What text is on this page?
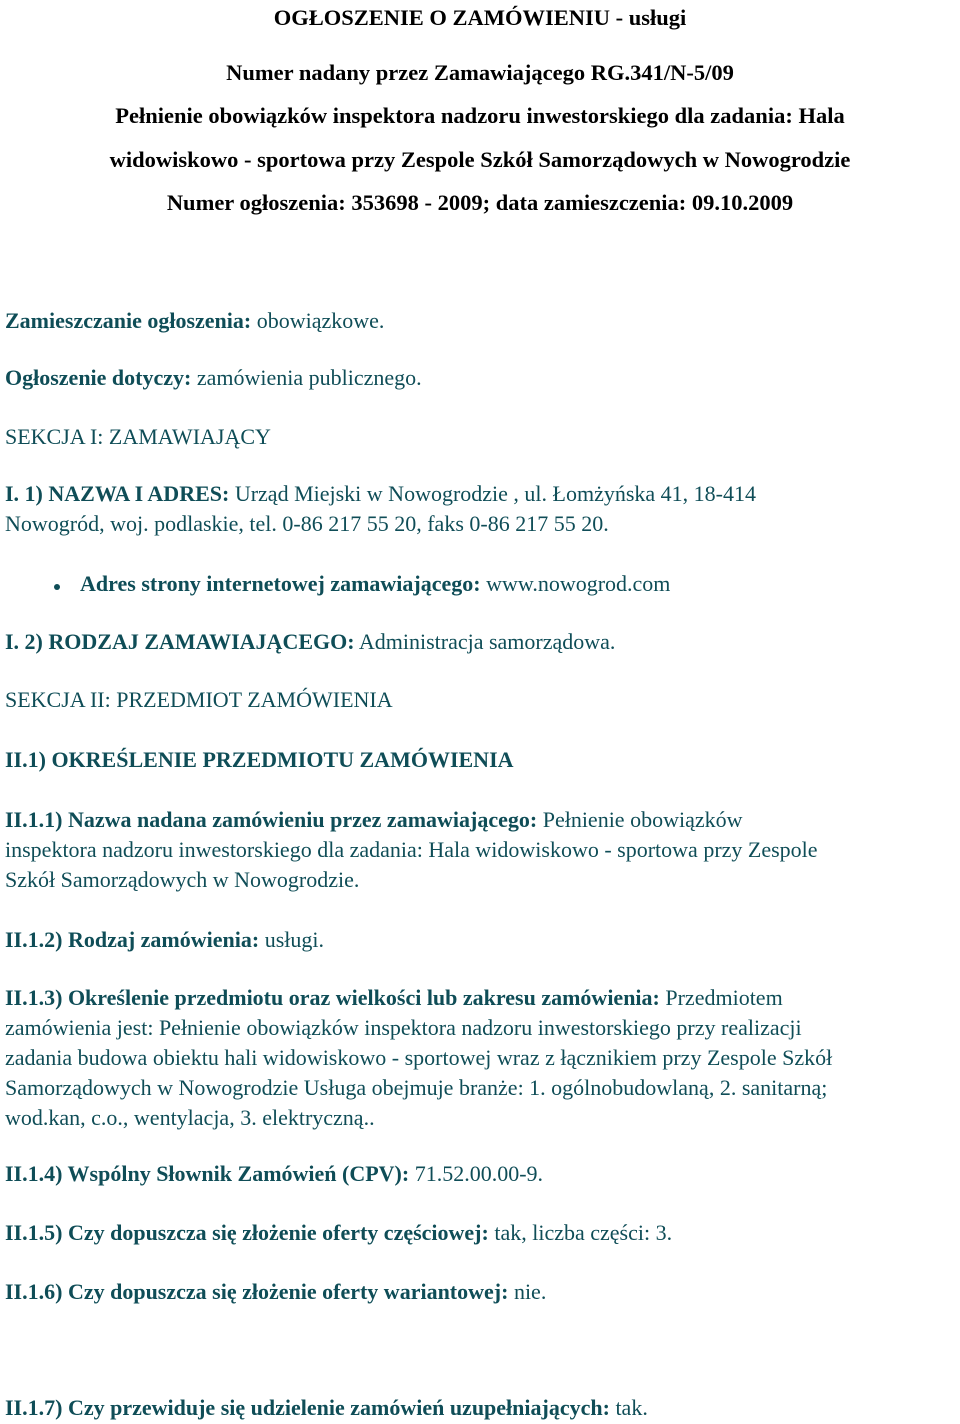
OGŁOSZENIE O ZAMÓWIENIU - usługi
Numer nadany przez Zamawiającego RG.341/N-5/09
Pełnienie obowiązków inspektora nadzoru inwestorskiego dla zadania: Hala
widowiskowo - sportowa przy Zespole Szkół Samorządowych w Nowogrodzie
Numer ogłoszenia: 353698 - 2009; data zamieszczenia: 09.10.2009
Zamieszczanie ogłoszenia: obowiązkowe.
Ogłoszenie dotyczy: zamówienia publicznego.
SEKCJA I: ZAMAWIAJĄCY
I. 1) NAZWA I ADRES: Urząd Miejski w Nowogrodzie , ul. Łomżyńska 41, 18-414
Nowogród, woj. podlaskie, tel. 0-86 217 55 20, faks 0-86 217 55 20.
Adres strony internetowej zamawiającego: www.nowogrod.com
I. 2) RODZAJ ZAMAWIAJĄCEGO: Administracja samorządowa.
SEKCJA II: PRZEDMIOT ZAMÓWIENIA
II.1) OKREŚLENIE PRZEDMIOTU ZAMÓWIENIA
II.1.1) Nazwa nadana zamówieniu przez zamawiającego: Pełnienie obowiązków
inspektora nadzoru inwestorskiego dla zadania: Hala widowiskowo - sportowa przy Zespole
Szkół Samorządowych w Nowogrodzie.
II.1.2) Rodzaj zamówienia: usługi.
II.1.3) Określenie przedmiotu oraz wielkości lub zakresu zamówienia: Przedmiotem
zamówienia jest: Pełnienie obowiązków inspektora nadzoru inwestorskiego przy realizacji
zadania budowa obiektu hali widowiskowo - sportowej wraz z łącznikiem przy Zespole Szkół
Samorządowych w Nowogrodzie Usługa obejmuje branże: 1. ogólnobudowlaną, 2. sanitarną;
wod.kan, c.o., wentylacja, 3. elektryczną..
II.1.4) Wspólny Słownik Zamówień (CPV): 71.52.00.00-9.
II.1.5) Czy dopuszcza się złożenie oferty częściowej: tak, liczba części: 3.
II.1.6) Czy dopuszcza się złożenie oferty wariantowej: nie.
II.1.7) Czy przewiduje się udzielenie zamówień uzupełniających: tak.
